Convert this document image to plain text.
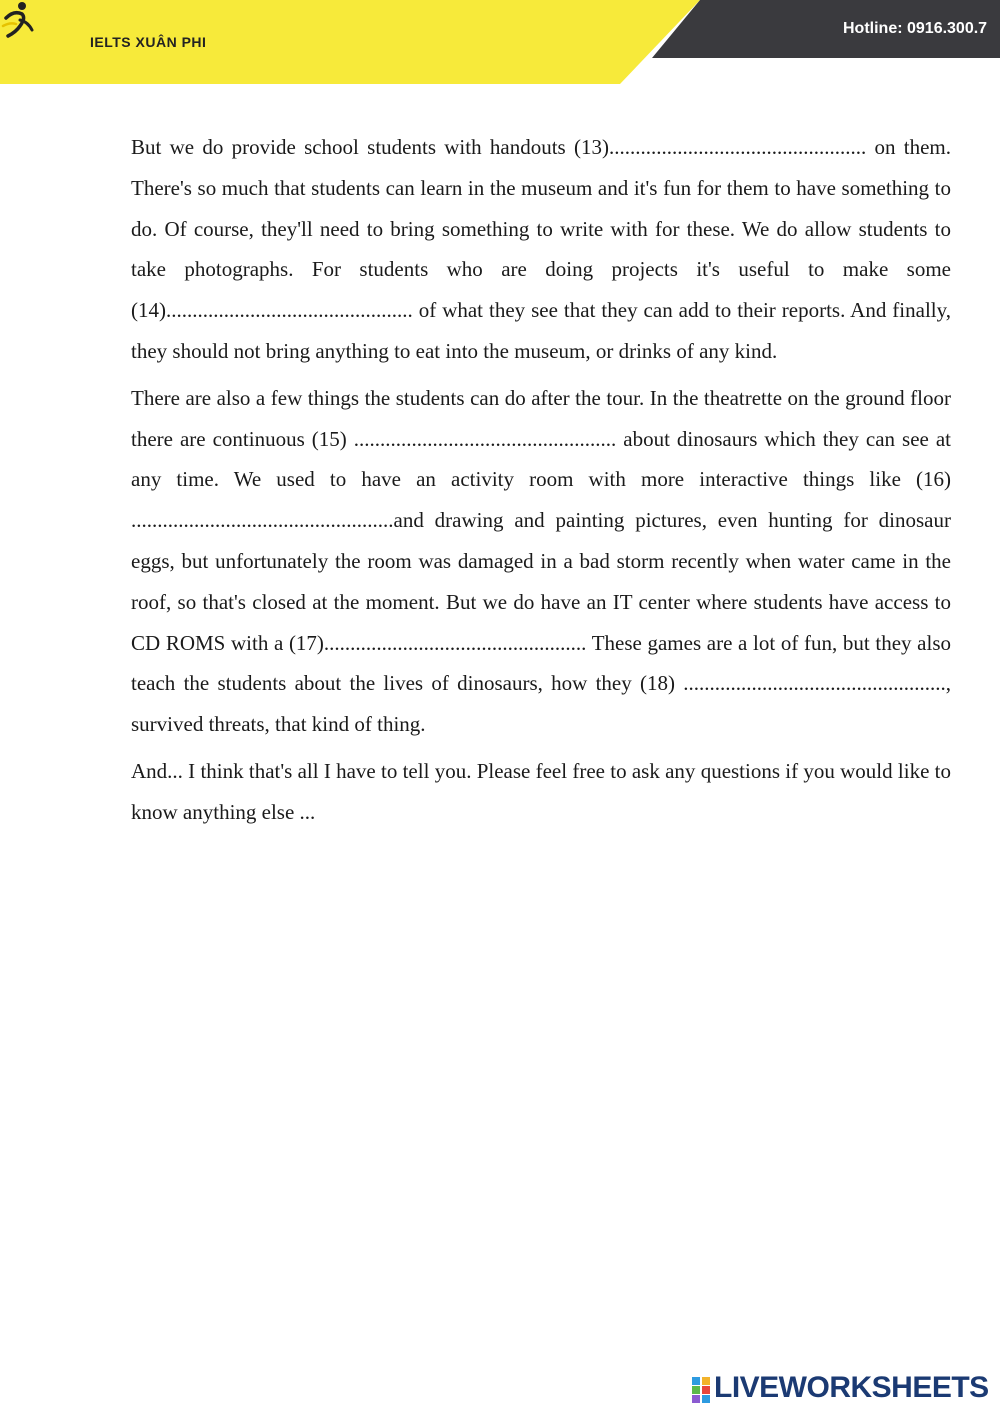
IELTS XUÂN PHI
Hotline: 0916.300.7

But we do provide school students with handouts (13)................................................. on them. There's so much that students can learn in the museum and it's fun for them to have something to do. Of course, they'll need to bring something to write with for these. We do allow students to take photographs. For students who are doing projects it's useful to make some (14)............................................... of what they see that they can add to their reports. And finally, they should not bring anything to eat into the museum, or drinks of any kind.

There are also a few things the students can do after the tour. In the theatrette on the ground floor there are continuous (15) .................................................. about dinosaurs which they can see at any time. We used to have an activity room with more interactive things like (16) ..................................................and drawing and painting pictures, even hunting for dinosaur eggs, but unfortunately the room was damaged in a bad storm recently when water came in the roof, so that's closed at the moment. But we do have an IT center where students have access to CD ROMS with a (17).................................................. These games are a lot of fun, but they also teach the students about the lives of dinosaurs, how they (18) .................................................., survived threats, that kind of thing.

And... I think that's all I have to tell you. Please feel free to ask any questions if you would like to know anything else ...

LIVEWORKSHEETS
